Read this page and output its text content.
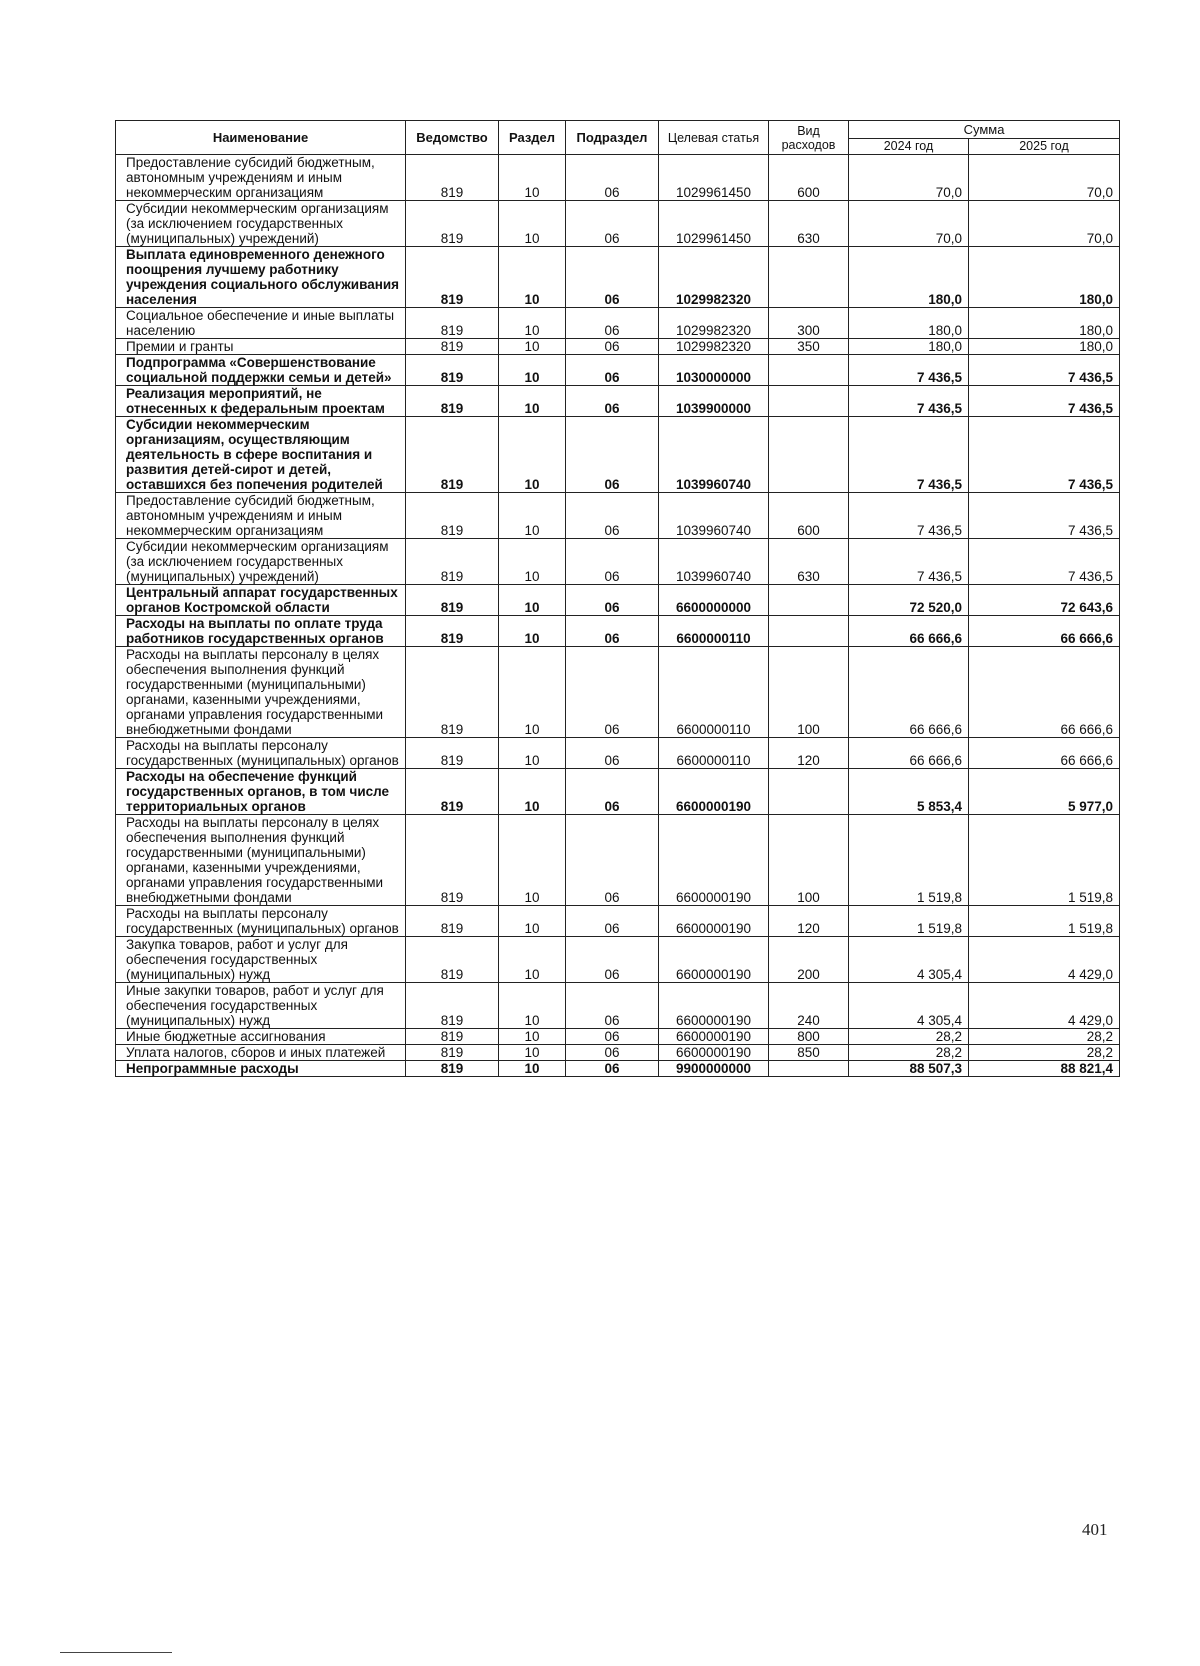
Наименование	Ведомство	Раздел	Подраздел	Целевая статья	Вид расходов	Сумма	
						2024 год	2025 год
Предоставление субсидий бюджетным, автономным учреждениям и иным некоммерческим организациям	819	10	06	1029961450	600	70,0	70,0
Субсидии некоммерческим организациям (за исключением государственных (муниципальных) учреждений)	819	10	06	1029961450	630	70,0	70,0
Выплата единовременного денежного поощрения лучшему работнику учреждения социального обслуживания населения	819	10	06	1029982320		180,0	180,0
Социальное обеспечение и иные выплаты населению	819	10	06	1029982320	300	180,0	180,0
Премии и гранты	819	10	06	1029982320	350	180,0	180,0
Подпрограмма «Совершенствование социальной поддержки семьи и детей»	819	10	06	1030000000		7 436,5	7 436,5
Реализация мероприятий, не отнесенных к федеральным проектам	819	10	06	1039900000		7 436,5	7 436,5
Субсидии некоммерческим организациям, осуществляющим деятельность в сфере воспитания и развития детей-сирот и детей, оставшихся без попечения родителей	819	10	06	1039960740		7 436,5	7 436,5
Предоставление субсидий бюджетным, автономным учреждениям и иным некоммерческим организациям	819	10	06	1039960740	600	7 436,5	7 436,5
Субсидии некоммерческим организациям (за исключением государственных (муниципальных) учреждений)	819	10	06	1039960740	630	7 436,5	7 436,5
Центральный аппарат государственных органов Костромской области	819	10	06	6600000000		72 520,0	72 643,6
Расходы на выплаты по оплате труда работников государственных органов	819	10	06	6600000110		66 666,6	66 666,6
Расходы на выплаты персоналу в целях обеспечения выполнения функций государственными (муниципальными) органами, казенными учреждениями, органами управления государственными внебюджетными фондами	819	10	06	6600000110	100	66 666,6	66 666,6
Расходы на выплаты персоналу государственных (муниципальных) органов	819	10	06	6600000110	120	66 666,6	66 666,6
Расходы на обеспечение функций государственных органов, в том числе территориальных органов	819	10	06	6600000190		5 853,4	5 977,0
Расходы на выплаты персоналу в целях обеспечения выполнения функций государственными (муниципальными) органами, казенными учреждениями, органами управления государственными внебюджетными фондами	819	10	06	6600000190	100	1 519,8	1 519,8
Расходы на выплаты персоналу государственных (муниципальных) органов	819	10	06	6600000190	120	1 519,8	1 519,8
Закупка товаров, работ и услуг для обеспечения государственных (муниципальных) нужд	819	10	06	6600000190	200	4 305,4	4 429,0
Иные закупки товаров, работ и услуг для обеспечения государственных (муниципальных) нужд	819	10	06	6600000190	240	4 305,4	4 429,0
Иные бюджетные ассигнования	819	10	06	6600000190	800	28,2	28,2
Уплата налогов, сборов и иных платежей	819	10	06	6600000190	850	28,2	28,2
Непрограммные расходы	819	10	06	9900000000		88 507,3	88 821,4
401
